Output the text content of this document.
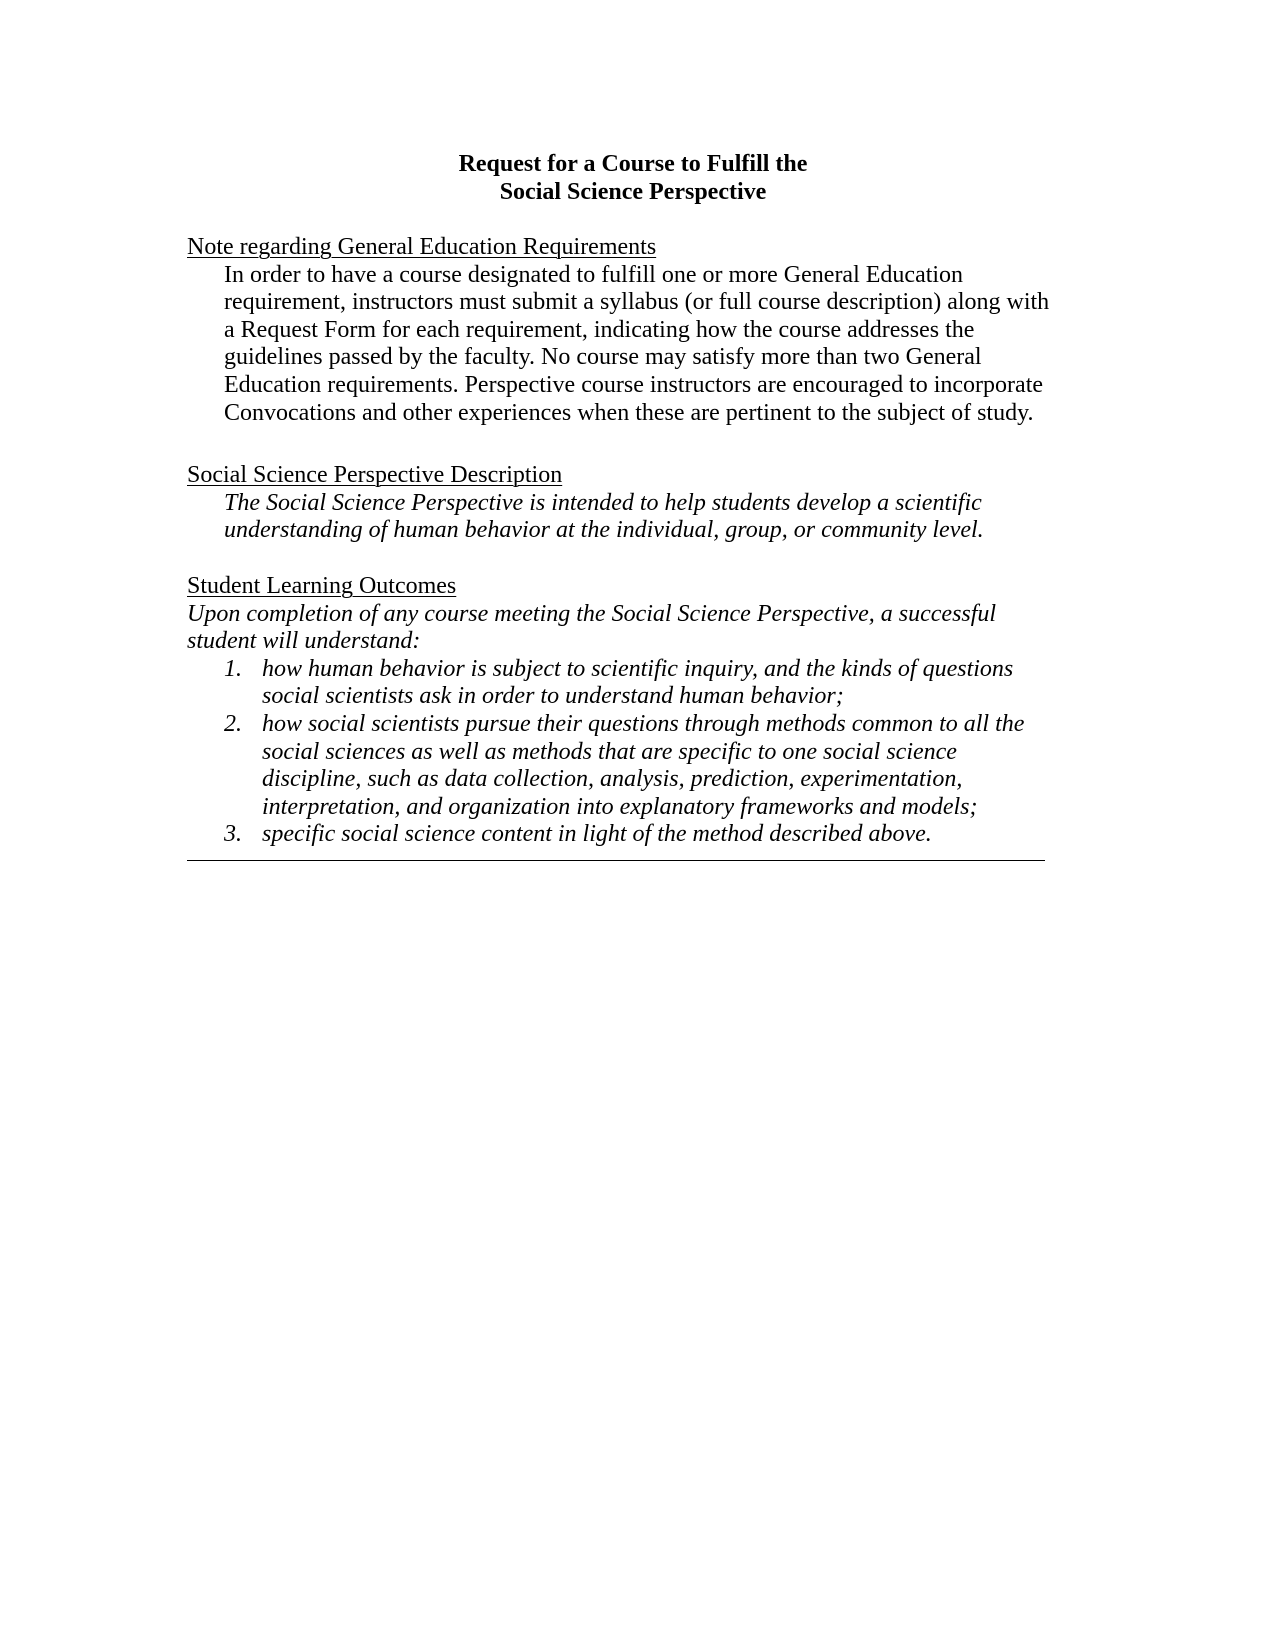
Request for a Course to Fulfill the
Social Science Perspective
Note regarding General Education Requirements
In order to have a course designated to fulfill one or more General Education
requirement, instructors must submit a syllabus (or full course description) along with
a Request Form for each requirement, indicating how the course addresses the
guidelines passed by the faculty. No course may satisfy more than two General
Education requirements. Perspective course instructors are encouraged to incorporate
Convocations and other experiences when these are pertinent to the subject of study.
Social Science Perspective Description
The Social Science Perspective is intended to help students develop a scientific
understanding of human behavior at the individual, group, or community level.
Student Learning Outcomes
Upon completion of any course meeting the Social Science Perspective, a successful
student will understand:
1. how human behavior is subject to scientific inquiry, and the kinds of questions
social scientists ask in order to understand human behavior;
2. how social scientists pursue their questions through methods common to all the
social sciences as well as methods that are specific to one social science
discipline, such as data collection, analysis, prediction, experimentation,
interpretation, and organization into explanatory frameworks and models;
3. specific social science content in light of the method described above.
